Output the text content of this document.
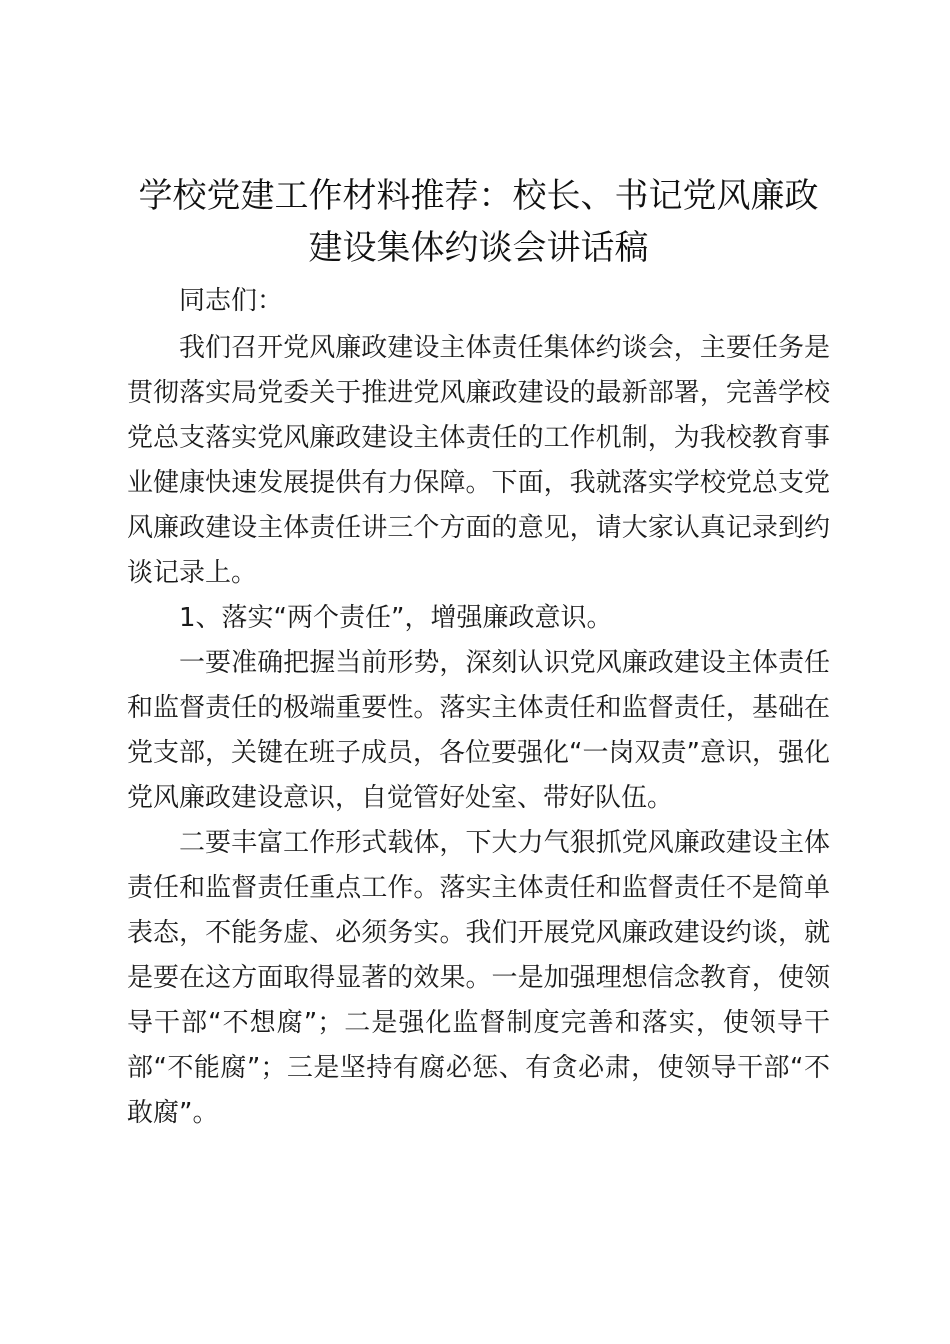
学校党建工作材料推荐：校长、书记党风廉政建设集体约谈会讲话稿

同志们：

我们召开党风廉政建设主体责任集体约谈会，主要任务是贯彻落实局党委关于推进党风廉政建设的最新部署，完善学校党总支落实党风廉政建设主体责任的工作机制，为我校教育事业健康快速发展提供有力保障。下面，我就落实学校党总支党风廉政建设主体责任讲三个方面的意见，请大家认真记录到约谈记录上。

1、落实“两个责任”，增强廉政意识。

一要准确把握当前形势，深刻认识党风廉政建设主体责任和监督责任的极端重要性。落实主体责任和监督责任，基础在党支部，关键在班子成员，各位要强化“一岗双责”意识，强化党风廉政建设意识，自觉管好处室、带好队伍。

二要丰富工作形式载体，下大力气狠抓党风廉政建设主体责任和监督责任重点工作。落实主体责任和监督责任不是简单表态，不能务虚、必须务实。我们开展党风廉政建设约谈，就是要在这方面取得显著的效果。一是加强理想信念教育，使领导干部“不想腐”；二是强化监督制度完善和落实，使领导干部“不能腐”；三是坚持有腐必惩、有贪必肃，使领导干部“不敢腐”。
